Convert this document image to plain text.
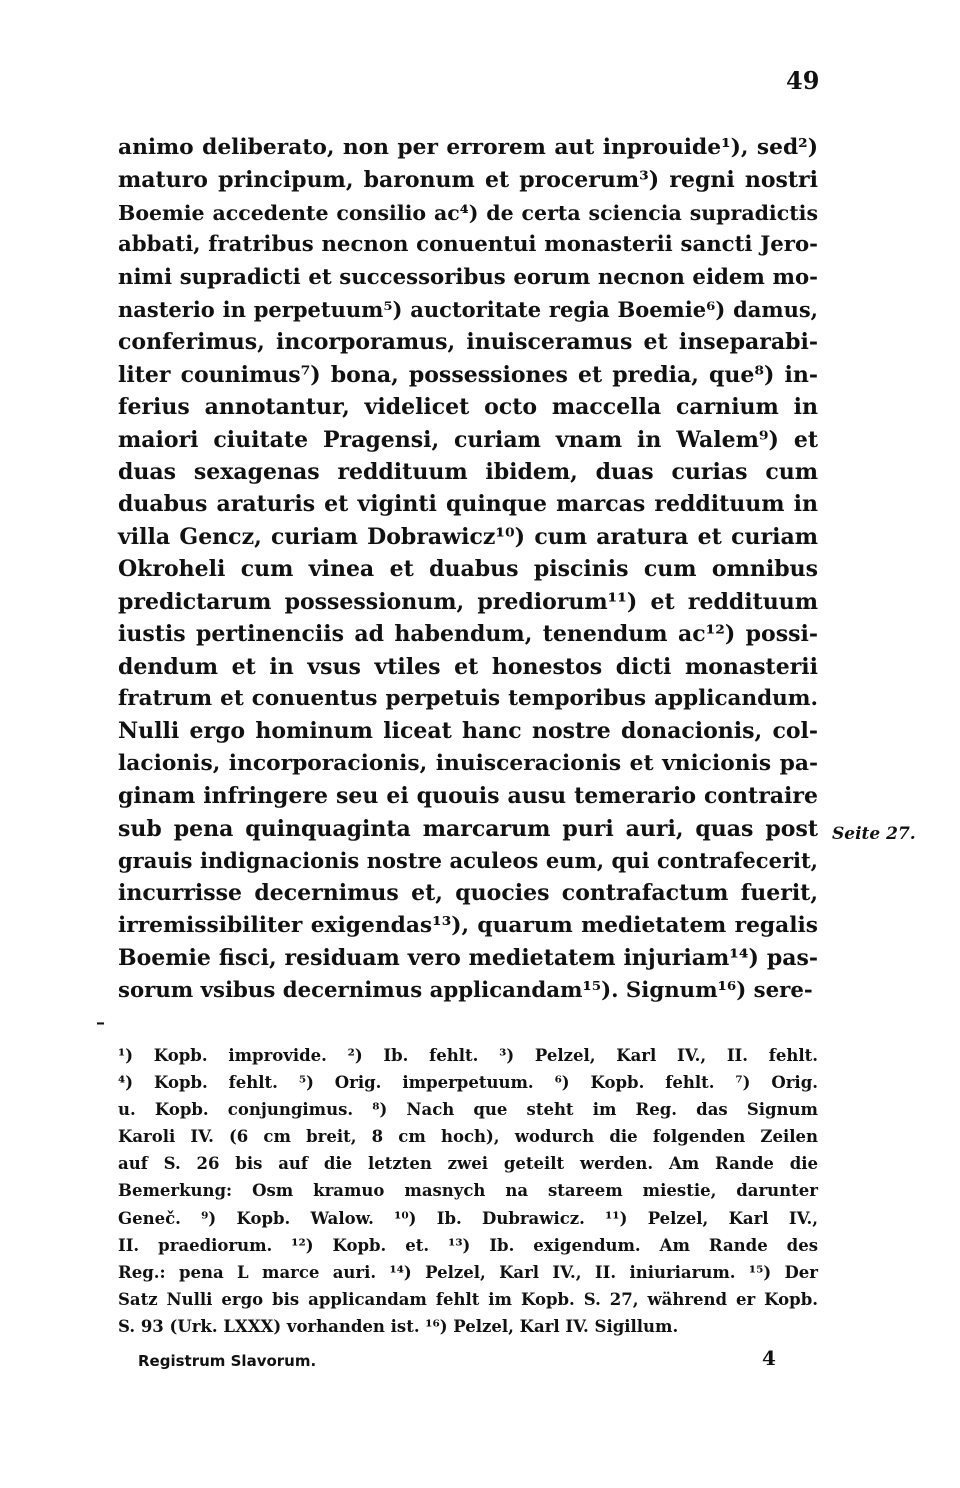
49
animo deliberato, non per errorem aut inprouide¹), sed²)
maturo principum, baronum et procerum³) regni nostri
Boemie accedente consilio ac⁴) de certa sciencia supradictis
abbati, fratribus necnon conuentui monasterii sancti Jero-
nimi supradicti et successoribus eorum necnon eidem mo-
nasterio in perpetuum⁵) auctoritate regia Boemie⁶) damus,
conferimus, incorporamus, inuisceramus et inseparabi-
liter counimus⁷) bona, possessiones et predia, que⁸) in-
ferius annotantur, videlicet octo maccella carnium in
maiori ciuitate Pragensi, curiam vnam in Walem⁹) et
duas sexagenas reddituum ibidem, duas curias cum
duabus araturis et viginti quinque marcas reddituum in
villa Gencz, curiam Dobrawicz¹⁰) cum aratura et curiam
Okroheli cum vinea et duabus piscinis cum omnibus
predictarum possessionum, prediorum¹¹) et reddituum
iustis pertinenciis ad habendum, tenendum ac¹²) possi-
dendum et in vsus vtiles et honestos dicti monasterii
fratrum et conuentus perpetuis temporibus applicandum.
Nulli ergo hominum liceat hanc nostre donacionis, col-
lacionis, incorporacionis, inuisceracionis et vnicionis pa-
ginam infringere seu ei quouis ausu temerario contraire
sub pena quinquaginta marcarum puri auri, quas post
grauis indignacionis nostre aculeos eum, qui contrafecerit,
incurrisse decernimus et, quocies contrafactum fuerit,
irremissibiliter exigendas¹³), quarum medietatem regalis
Boemie fisci, residuam vero medietatem injuriam¹⁴) pas-
sorum vsibus decernimus applicandam¹⁵). Signum¹⁶) sere-
Seite 27.
–
¹) Kopb. improvide. ²) Ib. fehlt. ³) Pelzel, Karl IV., II. fehlt.
⁴) Kopb. fehlt. ⁵) Orig. imperpetuum. ⁶) Kopb. fehlt. ⁷) Orig.
u. Kopb. conjungimus. ⁸) Nach que steht im Reg. das Signum
Karoli IV. (6 cm breit, 8 cm hoch), wodurch die folgenden Zeilen
auf S. 26 bis auf die letzten zwei geteilt werden. Am Rande die
Bemerkung: Osm kramuo masnych na stareem miestie, darunter
Geneč. ⁹) Kopb. Walow. ¹⁰) Ib. Dubrawicz. ¹¹) Pelzel, Karl IV.,
II. praediorum. ¹²) Kopb. et. ¹³) Ib. exigendum. Am Rande des
Reg.: pena L marce auri. ¹⁴) Pelzel, Karl IV., II. iniuriarum. ¹⁵) Der
Satz Nulli ergo bis applicandam fehlt im Kopb. S. 27, während er Kopb.
S. 93 (Urk. LXXX) vorhanden ist. ¹⁶) Pelzel, Karl IV. Sigillum.
Registrum Slavorum.	4
